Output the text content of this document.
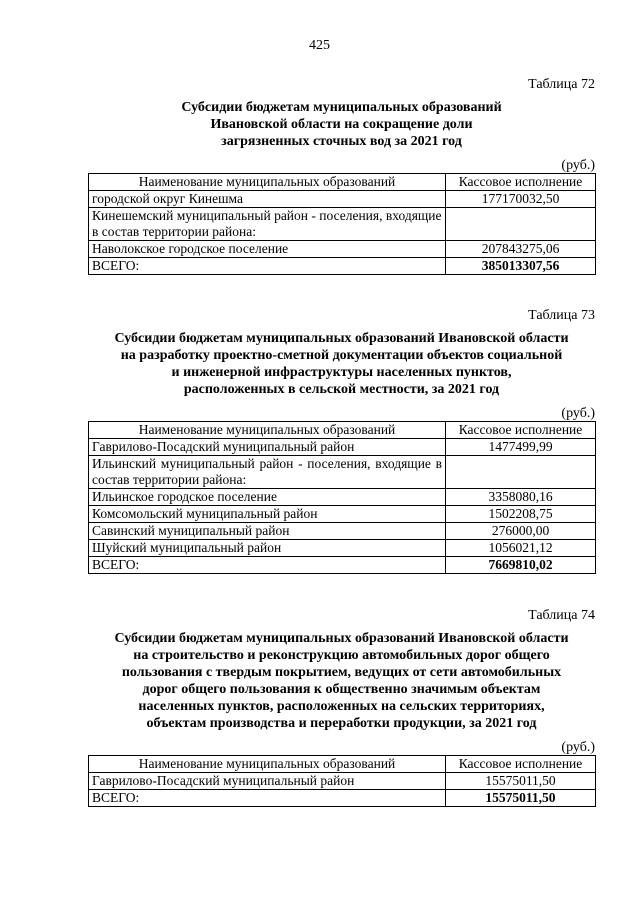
425
Таблица 72
Субсидии бюджетам муниципальных образований
Ивановской области на сокращение доли
загрязненных сточных вод за 2021 год
(руб.)
Наименование муниципальных образований	Кассовое исполнение
городской округ Кинешма	177170032,50
Кинешемский муниципальный район - поселения, входящие в состав территории района:	
Наволокское городское поселение	207843275,06
ВСЕГО:	385013307,56
Таблица 73
Субсидии бюджетам муниципальных образований Ивановской области
на разработку проектно-сметной документации объектов социальной
и инженерной инфраструктуры населенных пунктов,
расположенных в сельской местности, за 2021 год
(руб.)
Наименование муниципальных образований	Кассовое исполнение
Гаврилово-Посадский муниципальный район	1477499,99
Ильинский муниципальный район - поселения, входящие в состав территории района:	
Ильинское городское поселение	3358080,16
Комсомольский муниципальный район	1502208,75
Савинский муниципальный район	276000,00
Шуйский муниципальный район	1056021,12
ВСЕГО:	7669810,02
Таблица 74
Субсидии бюджетам муниципальных образований Ивановской области
на строительство и реконструкцию автомобильных дорог общего
пользования с твердым покрытием, ведущих от сети автомобильных
дорог общего пользования к общественно значимым объектам
населенных пунктов, расположенных на сельских территориях,
объектам производства и переработки продукции, за 2021 год
(руб.)
Наименование муниципальных образований	Кассовое исполнение
Гаврилово-Посадский муниципальный район	15575011,50
ВСЕГО:	15575011,50
